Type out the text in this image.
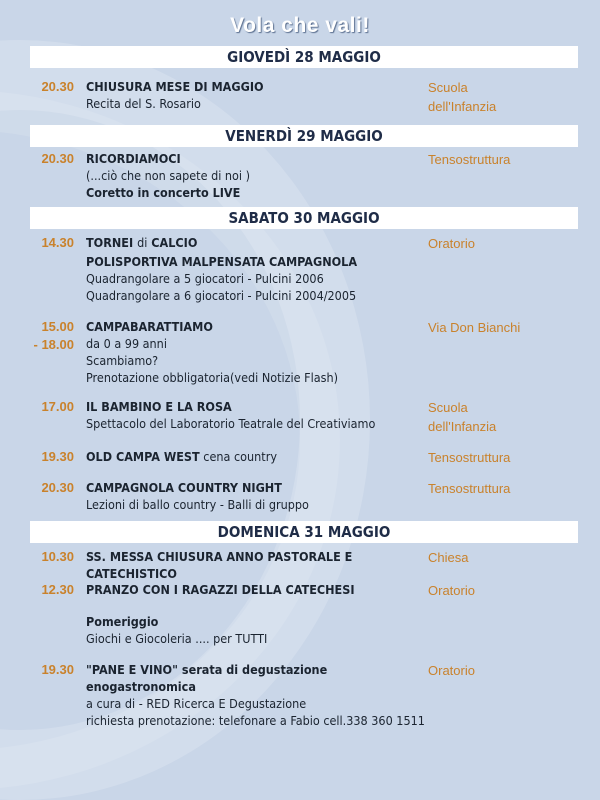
Vola che vali!
GIOVEDÌ 28 MAGGIO
20.30 CHIUSURA MESE DI MAGGIO
Recita del S. Rosario
Scuola
dell'Infanzia
VENERDÌ 29 MAGGIO
20.30 RICORDIAMOCI
(...ciò che non sapete di noi )
Coretto in concerto LIVE
Tensostruttura
SABATO 30 MAGGIO
14.30 TORNEI di CALCIO
POLISPORTIVA MALPENSATA CAMPAGNOLA
Quadrangolare a 5 giocatori - Pulcini 2006
Quadrangolare a 6 giocatori - Pulcini 2004/2005
Oratorio
15.00
- 18.00
CAMPABARATTIAMO
da 0 a 99 anni
Scambiamo?
Prenotazione obbligatoria(vedi Notizie Flash)
Via Don Bianchi
17.00 IL BAMBINO E LA ROSA
Spettacolo del Laboratorio Teatrale del Creativiamo
Scuola
dell'Infanzia
19.30 OLD CAMPA WEST cena country	Tensostruttura
20.30 CAMPAGNOLA COUNTRY NIGHT
Lezioni di ballo country - Balli di gruppo
Tensostruttura
DOMENICA 31 MAGGIO
10.30 SS. MESSA CHIUSURA ANNO PASTORALE E CATECHISTICO
Chiesa
12.30 PRANZO CON I RAGAZZI DELLA CATECHESI	Oratorio
Pomeriggio
Giochi e Giocoleria .... per TUTTI
19.30 "PANE E VINO" serata di degustazione enogastronomica
a cura di - RED Ricerca E Degustazione
richiesta prenotazione: telefonare a Fabio cell.338 360 1511
Oratorio
